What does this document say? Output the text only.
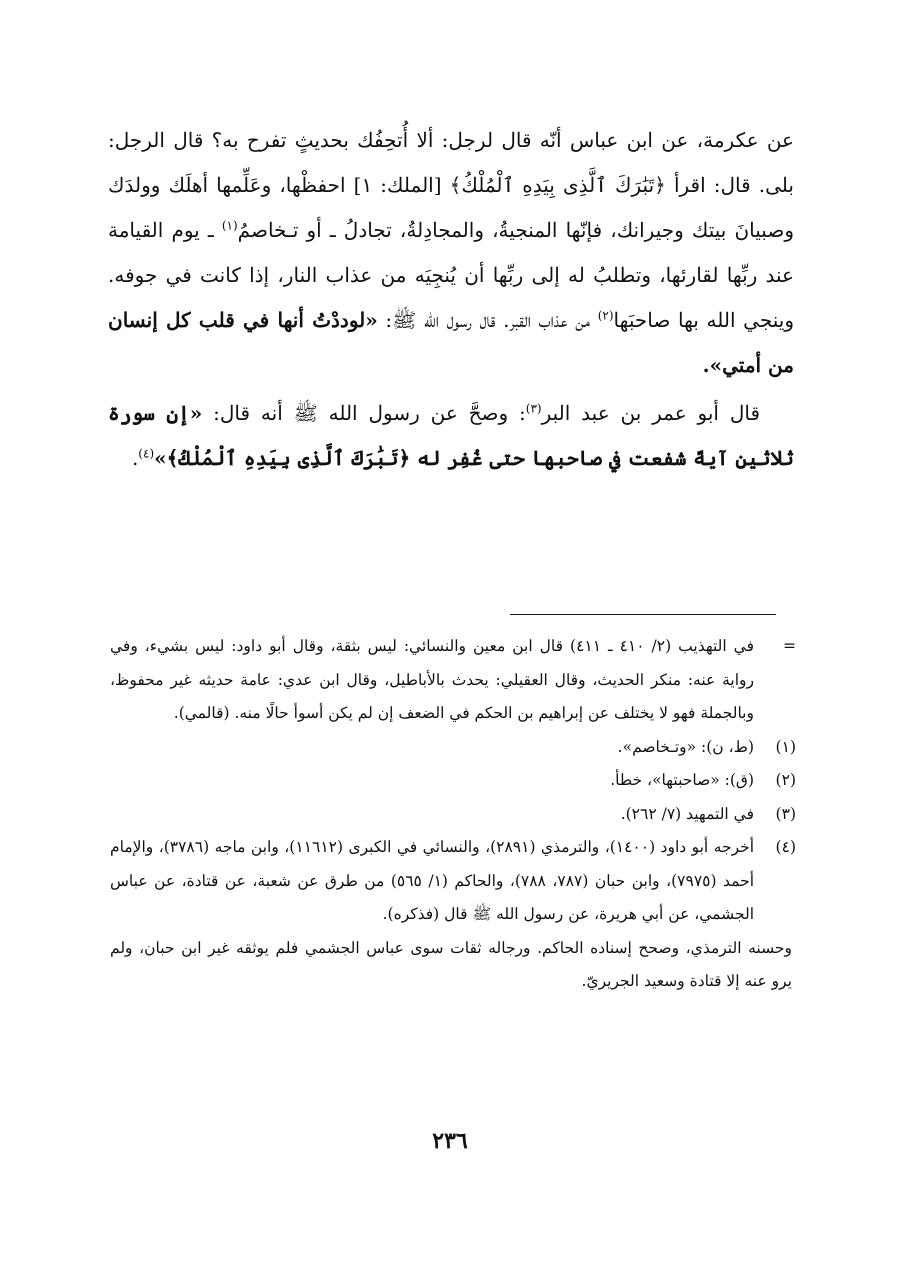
عن عكرمة، عن ابن عباس أنّه قال لرجل: ألا أُتحِفُك بحديثٍ تفرح به؟ قال الرجل: بلى. قال: اقرأ ﴿تَبَٰرَكَ ٱلَّذِى بِيَدِهِ ٱلْمُلْكُ﴾ [الملك: ١] احفظْها، وعَلِّمها أهلَك وولدَك وصبيانَ بيتك وجيرانك، فإنّها المنجيةُ، والمجادِلةُ، تجادلُ ـ أو تـخاصمُ$^{(١)}$ ـ يوم القيامة عند ربِّها لقارئها، وتطلبُ له إلى ربِّها أن يُنجِيَه من عذاب النار، إذا كانت في جوفه. وينجي الله بها صاحبَها$^{(٢)}$ من عذاب القبر. قال رسول الله ﷺ: «لوددْتُ أنها في قلب كل إنسان من أمتي».

قال أبو عمر بن عبد البر$^{(٣)}$: وصحَّ عن رسول الله ﷺ أنه قال: «إن سورة ثلاثين آيةً شفعت في صاحبها حتى غُفِر له ﴿تَبَٰرَكَ ٱلَّذِى بِيَدِهِ ٱلْمُلْكُ﴾»$^{(٤)}$.

=

في التهذيب (٢/ ٤١٠ ـ ٤١١) قال ابن معين والنسائي: ليس بثقة، وقال أبو داود: ليس بشيء، وفي رواية عنه: منكر الحديث، وقال العقيلي: يحدث بالأباطيل، وقال ابن عدي: عامة حديثه غير محفوظ، وبالجملة فهو لا يختلف عن إبراهيم بن الحكم في الضعف إن لم يكن أسوأ حالًا منه. (قالمي).

(١)

(ط، ن): «وتـخاصم».

(٢)

(ق): «صاحبتها»، خطأ.

(٣)

في التمهيد (٧/ ٢٦٢).

(٤)

أخرجه أبو داود (١٤٠٠)، والترمذي (٢٨٩١)، والنسائي في الكبرى (١١٦١٢)، وابن ماجه (٣٧٨٦)، والإمام أحمد (٧٩٧٥)، وابن حبان (٧٨٧، ٧٨٨)، والحاكم (١/ ٥٦٥) من طرق عن شعبة، عن قتادة، عن عباس الجشمي، عن أبي هريرة، عن رسول الله ﷺ قال (فذكره).

وحسنه الترمذي، وصحح إسناده الحاكم. ورجاله ثقات سوى عباس الجشمي فلم يوثقه غير ابن حبان، ولم يرو عنه إلا قتادة وسعيد الجريريّ.

٢٣٦
